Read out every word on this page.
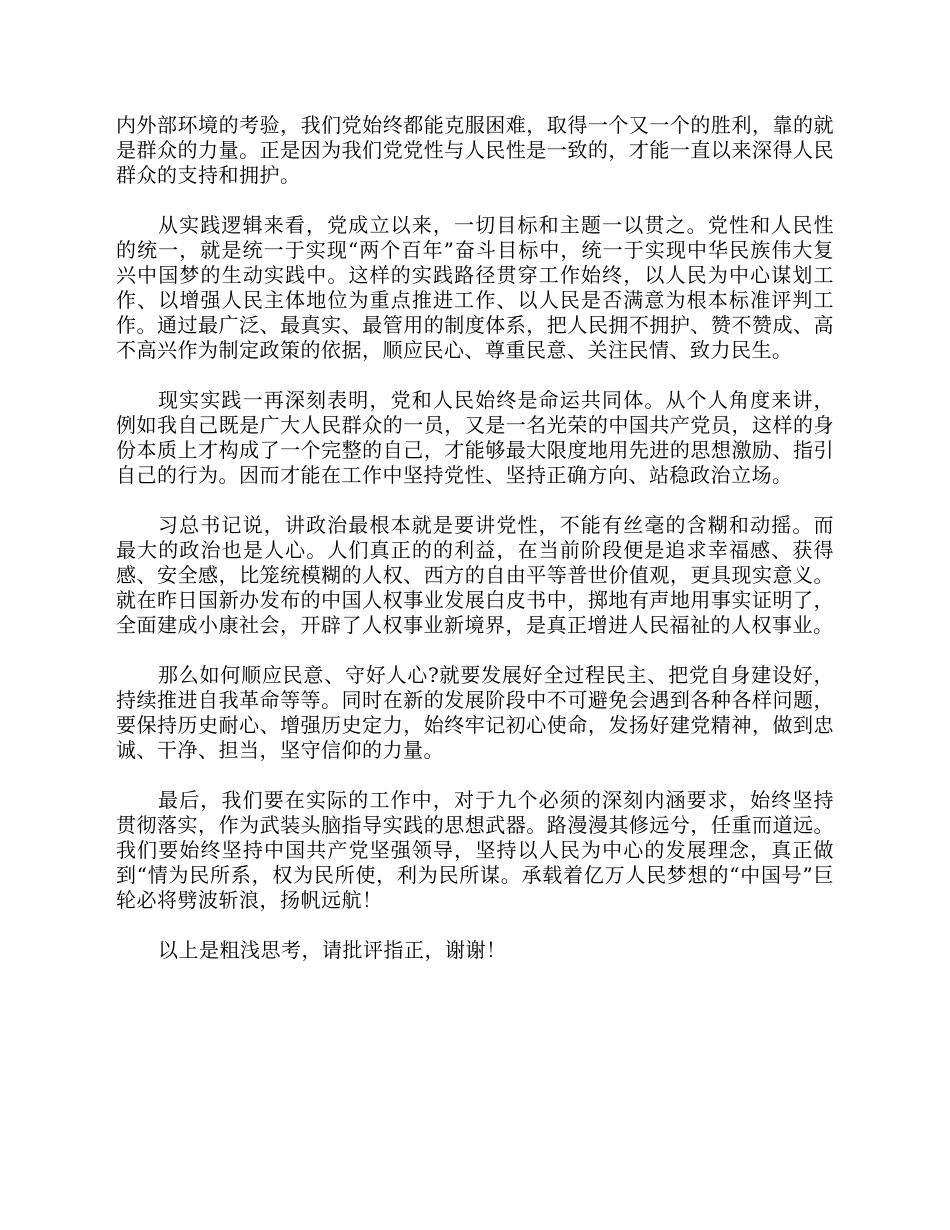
内外部环境的考验，我们党始终都能克服困难，取得一个又一个的胜利，靠的就是群众的力量。正是因为我们党党性与人民性是一致的，才能一直以来深得人民群众的支持和拥护。

从实践逻辑来看，党成立以来，一切目标和主题一以贯之。党性和人民性的统一，就是统一于实现“两个百年”奋斗目标中，统一于实现中华民族伟大复兴中国梦的生动实践中。这样的实践路径贯穿工作始终，以人民为中心谋划工作、以增强人民主体地位为重点推进工作、以人民是否满意为根本标准评判工作。通过最广泛、最真实、最管用的制度体系，把人民拥不拥护、赞不赞成、高不高兴作为制定政策的依据，顺应民心、尊重民意、关注民情、致力民生。

现实实践一再深刻表明，党和人民始终是命运共同体。从个人角度来讲，例如我自己既是广大人民群众的一员，又是一名光荣的中国共产党员，这样的身份本质上才构成了一个完整的自己，才能够最大限度地用先进的思想激励、指引自己的行为。因而才能在工作中坚持党性、坚持正确方向、站稳政治立场。

习总书记说，讲政治最根本就是要讲党性，不能有丝毫的含糊和动摇。而最大的政治也是人心。人们真正的的利益，在当前阶段便是追求幸福感、获得感、安全感，比笼统模糊的人权、西方的自由平等普世价值观，更具现实意义。就在昨日国新办发布的中国人权事业发展白皮书中，掷地有声地用事实证明了，全面建成小康社会，开辟了人权事业新境界，是真正增进人民福祉的人权事业。

那么如何顺应民意、守好人心?就要发展好全过程民主、把党自身建设好，持续推进自我革命等等。同时在新的发展阶段中不可避免会遇到各种各样问题，要保持历史耐心、增强历史定力，始终牢记初心使命，发扬好建党精神，做到忠诚、干净、担当，坚守信仰的力量。

最后，我们要在实际的工作中，对于九个必须的深刻内涵要求，始终坚持贯彻落实，作为武装头脑指导实践的思想武器。路漫漫其修远兮，任重而道远。我们要始终坚持中国共产党坚强领导，坚持以人民为中心的发展理念，真正做到“情为民所系，权为民所使，利为民所谋。承载着亿万人民梦想的“中国号”巨轮必将劈波斩浪，扬帆远航！

以上是粗浅思考，请批评指正，谢谢！
